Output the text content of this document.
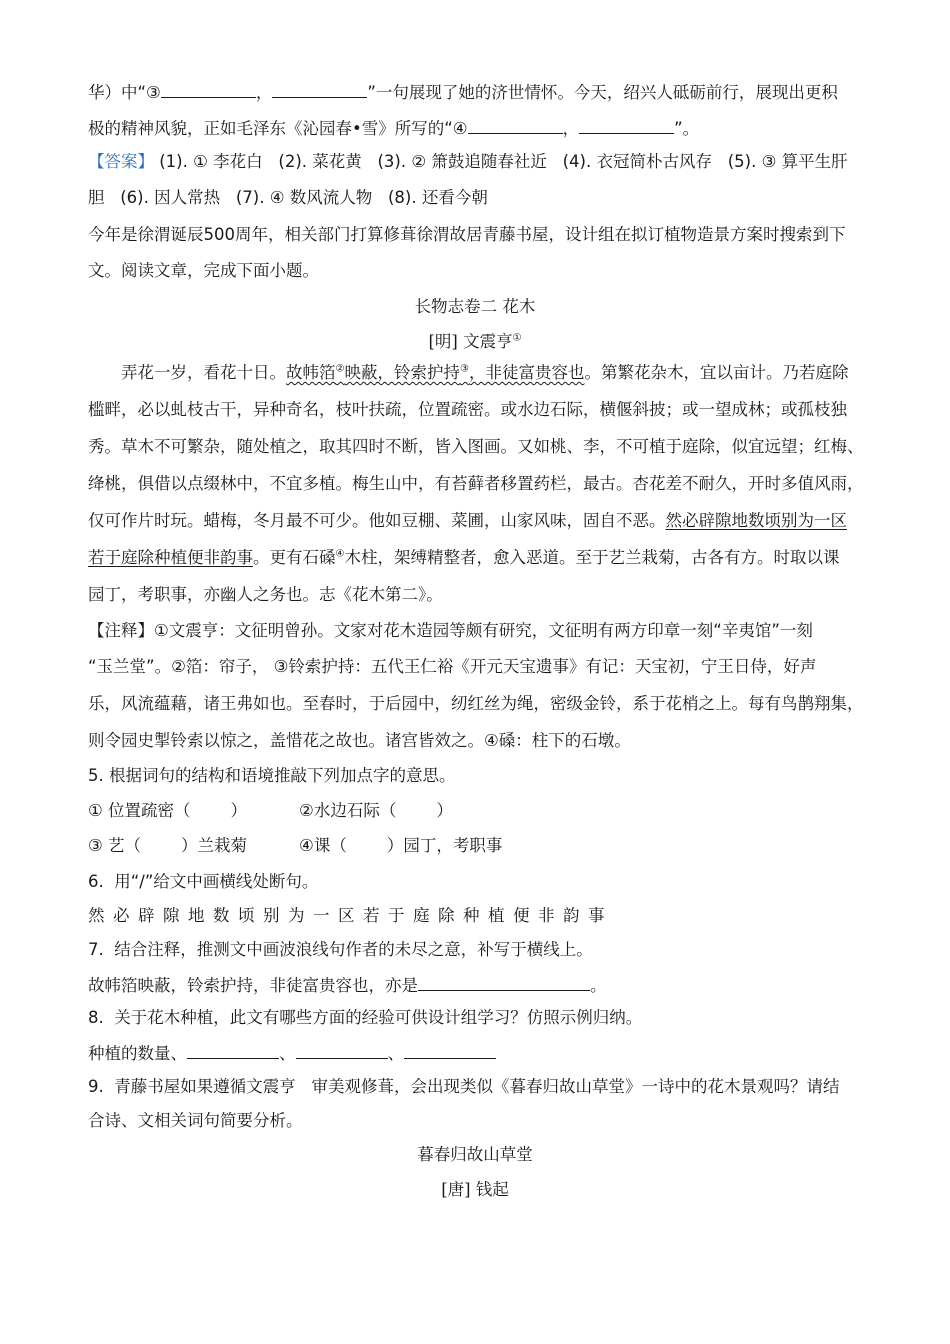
华）中“③	，	”一句展现了她的济世情怀。今天，绍兴人砥砺前行，展现出更积
极的精神风貌，正如毛泽东《沁园春•雪》所写的“④	，	”。
【答案】 (1). ① 李花白   (2). 菜花黄   (3). ② 箫鼓追随春社近   (4). 衣冠简朴古风存   (5). ③ 算平生肝
胆   (6). 因人常热   (7). ④ 数风流人物   (8). 还看今朝
今年是徐渭诞辰500周年，相关部门打算修葺徐渭故居青藤书屋，设计组在拟订植物造景方案时搜索到下
文。阅读文章，完成下面小题。
长物志卷二 花木
[明] 文震亨①
弄花一岁，看花十日。故帏箔②映蔽，铃索护持③，非徒富贵容也。第繁花杂木，宜以亩计。乃若庭除
槛畔，必以虬枝古干，异种奇名，枝叶扶疏，位置疏密。或水边石际，横偃斜披；或一望成林；或孤枝独
秀。草木不可繁杂，随处植之，取其四时不断，皆入图画。又如桃、李，不可植于庭除，似宜远望；红梅、
绛桃，俱借以点缀林中，不宜多植。梅生山中，有苔藓者移置药栏，最古。杏花差不耐久，开时多值风雨，
仅可作片时玩。蜡梅，冬月最不可少。他如豆棚、菜圃，山家风味，固自不恶。然必辟隙地数顷别为一区
若于庭除种植便非韵事。更有石磉④木柱，架缚精整者，愈入恶道。至于艺兰栽菊，古各有方。时取以课
园丁，考职事，亦幽人之务也。志《花木第二》。
【注释】①文震亨：文征明曾孙。文家对花木造园等颇有研究，文征明有两方印章一刻“辛夷馆”一刻
“玉兰堂”。②箔：帘子， ③铃索护持：五代王仁裕《开元天宝遗事》有记：天宝初，宁王日侍，好声
乐，风流蕴藉，诸王弗如也。至春时，于后园中，纫红丝为绳，密级金铃，系于花梢之上。每有鸟鹊翔集，
则令园史掣铃索以惊之，盖惜花之故也。诸宫皆效之。④磉：柱下的石墩。
5. 根据词句的结构和语境推敲下列加点字的意思。
① 位置疏密（ ）	②水边石际（ ）
③ 艺（ ）兰栽菊	④课（ ）园丁，考职事
6.  用“/”给文中画横线处断句。
然必辟隙地数顷别为一区若于庭除种植便非韵事
7.  结合注释，推测文中画波浪线句作者的未尽之意，补写于横线上。
故帏箔映蔽，铃索护持，非徒富贵容也，亦是	。
8.  关于花木种植，此文有哪些方面的经验可供设计组学习？仿照示例归纳。
种植的数量、	、	、
9.  青藤书屋如果遵循文震亨   审美观修葺，会出现类似《暮春归故山草堂》一诗中的花木景观吗？请结
合诗、文相关词句简要分析。
暮春归故山草堂
[唐] 钱起
